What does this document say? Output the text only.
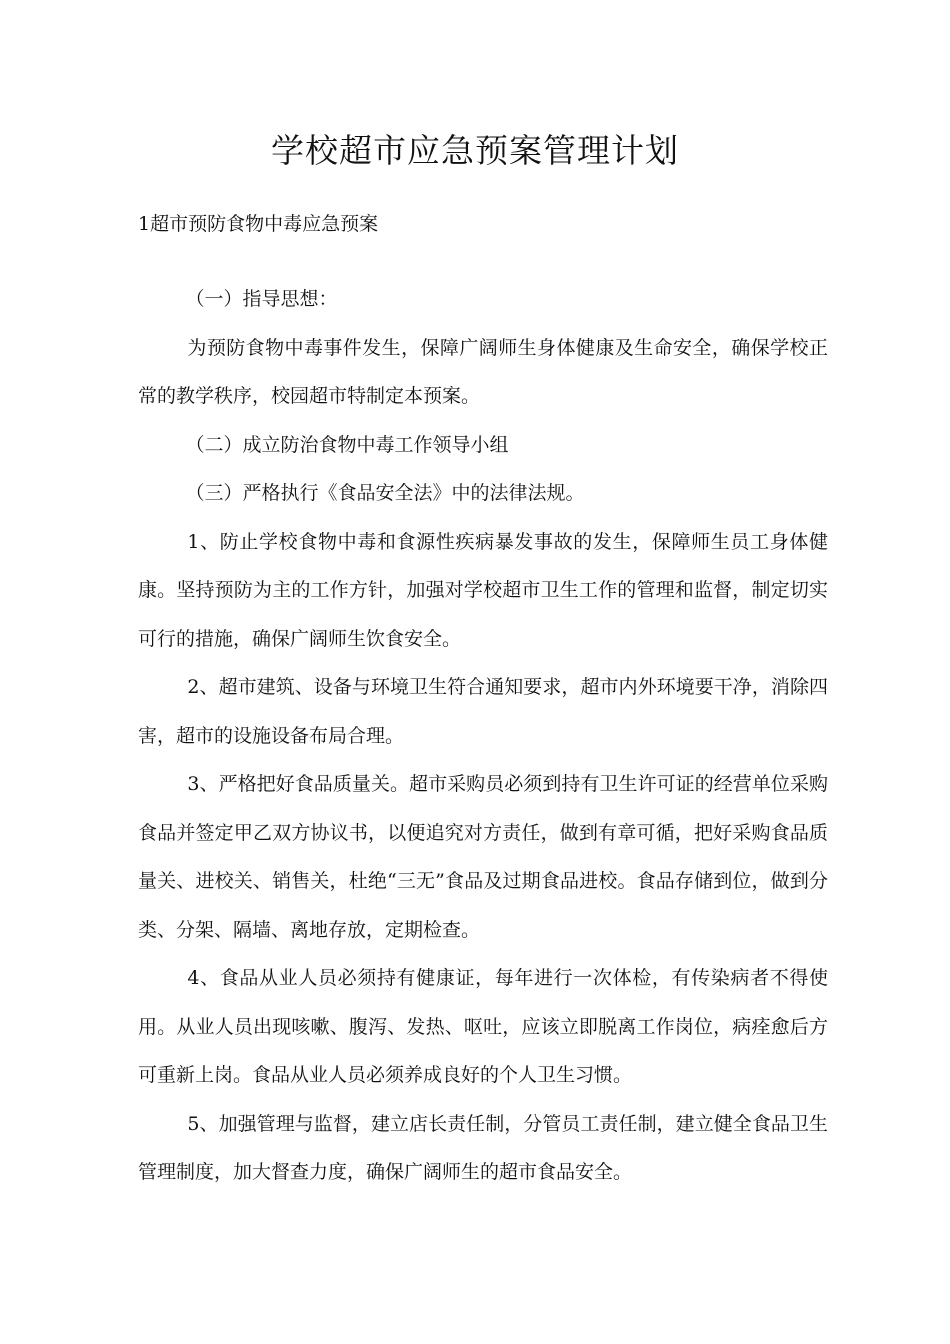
学校超市应急预案管理计划

1超市预防食物中毒应急预案

（一）指导思想：

为预防食物中毒事件发生，保障广阔师生身体健康及生命安全，确保学校正常的教学秩序，校园超市特制定本预案。

（二）成立防治食物中毒工作领导小组

（三）严格执行《食品安全法》中的法律法规。

1、防止学校食物中毒和食源性疾病暴发事故的发生，保障师生员工身体健康。坚持预防为主的工作方针，加强对学校超市卫生工作的管理和监督，制定切实可行的措施，确保广阔师生饮食安全。

2、超市建筑、设备与环境卫生符合通知要求，超市内外环境要干净，消除四害，超市的设施设备布局合理。

3、严格把好食品质量关。超市采购员必须到持有卫生许可证的经营单位采购食品并签定甲乙双方协议书，以便追究对方责任，做到有章可循，把好采购食品质量关、进校关、销售关，杜绝“三无”食品及过期食品进校。食品存储到位，做到分类、分架、隔墙、离地存放，定期检查。

4、食品从业人员必须持有健康证，每年进行一次体检，有传染病者不得使用。从业人员出现咳嗽、腹泻、发热、呕吐，应该立即脱离工作岗位，病痊愈后方可重新上岗。食品从业人员必须养成良好的个人卫生习惯。

5、加强管理与监督，建立店长责任制，分管员工责任制，建立健全食品卫生管理制度，加大督查力度，确保广阔师生的超市食品安全。
